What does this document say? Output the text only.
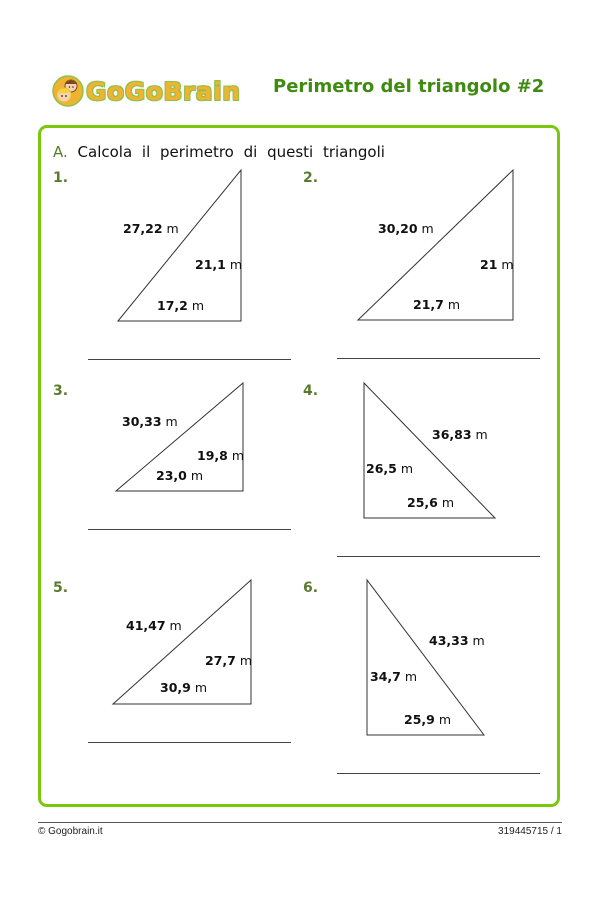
GoGoBrain Perimetro del triangolo #2
A. Calcola il perimetro di questi triangoli
1.
27,22 m
21,1 m
17,2 m
2.
30,20 m
21 m
21,7 m
3.
30,33 m
19,8 m
23,0 m
4.
36,83 m
26,5 m
25,6 m
5.
41,47 m
27,7 m
30,9 m
6.
43,33 m
34,7 m
25,9 m
© Gogobrain.it	319445715 / 1
